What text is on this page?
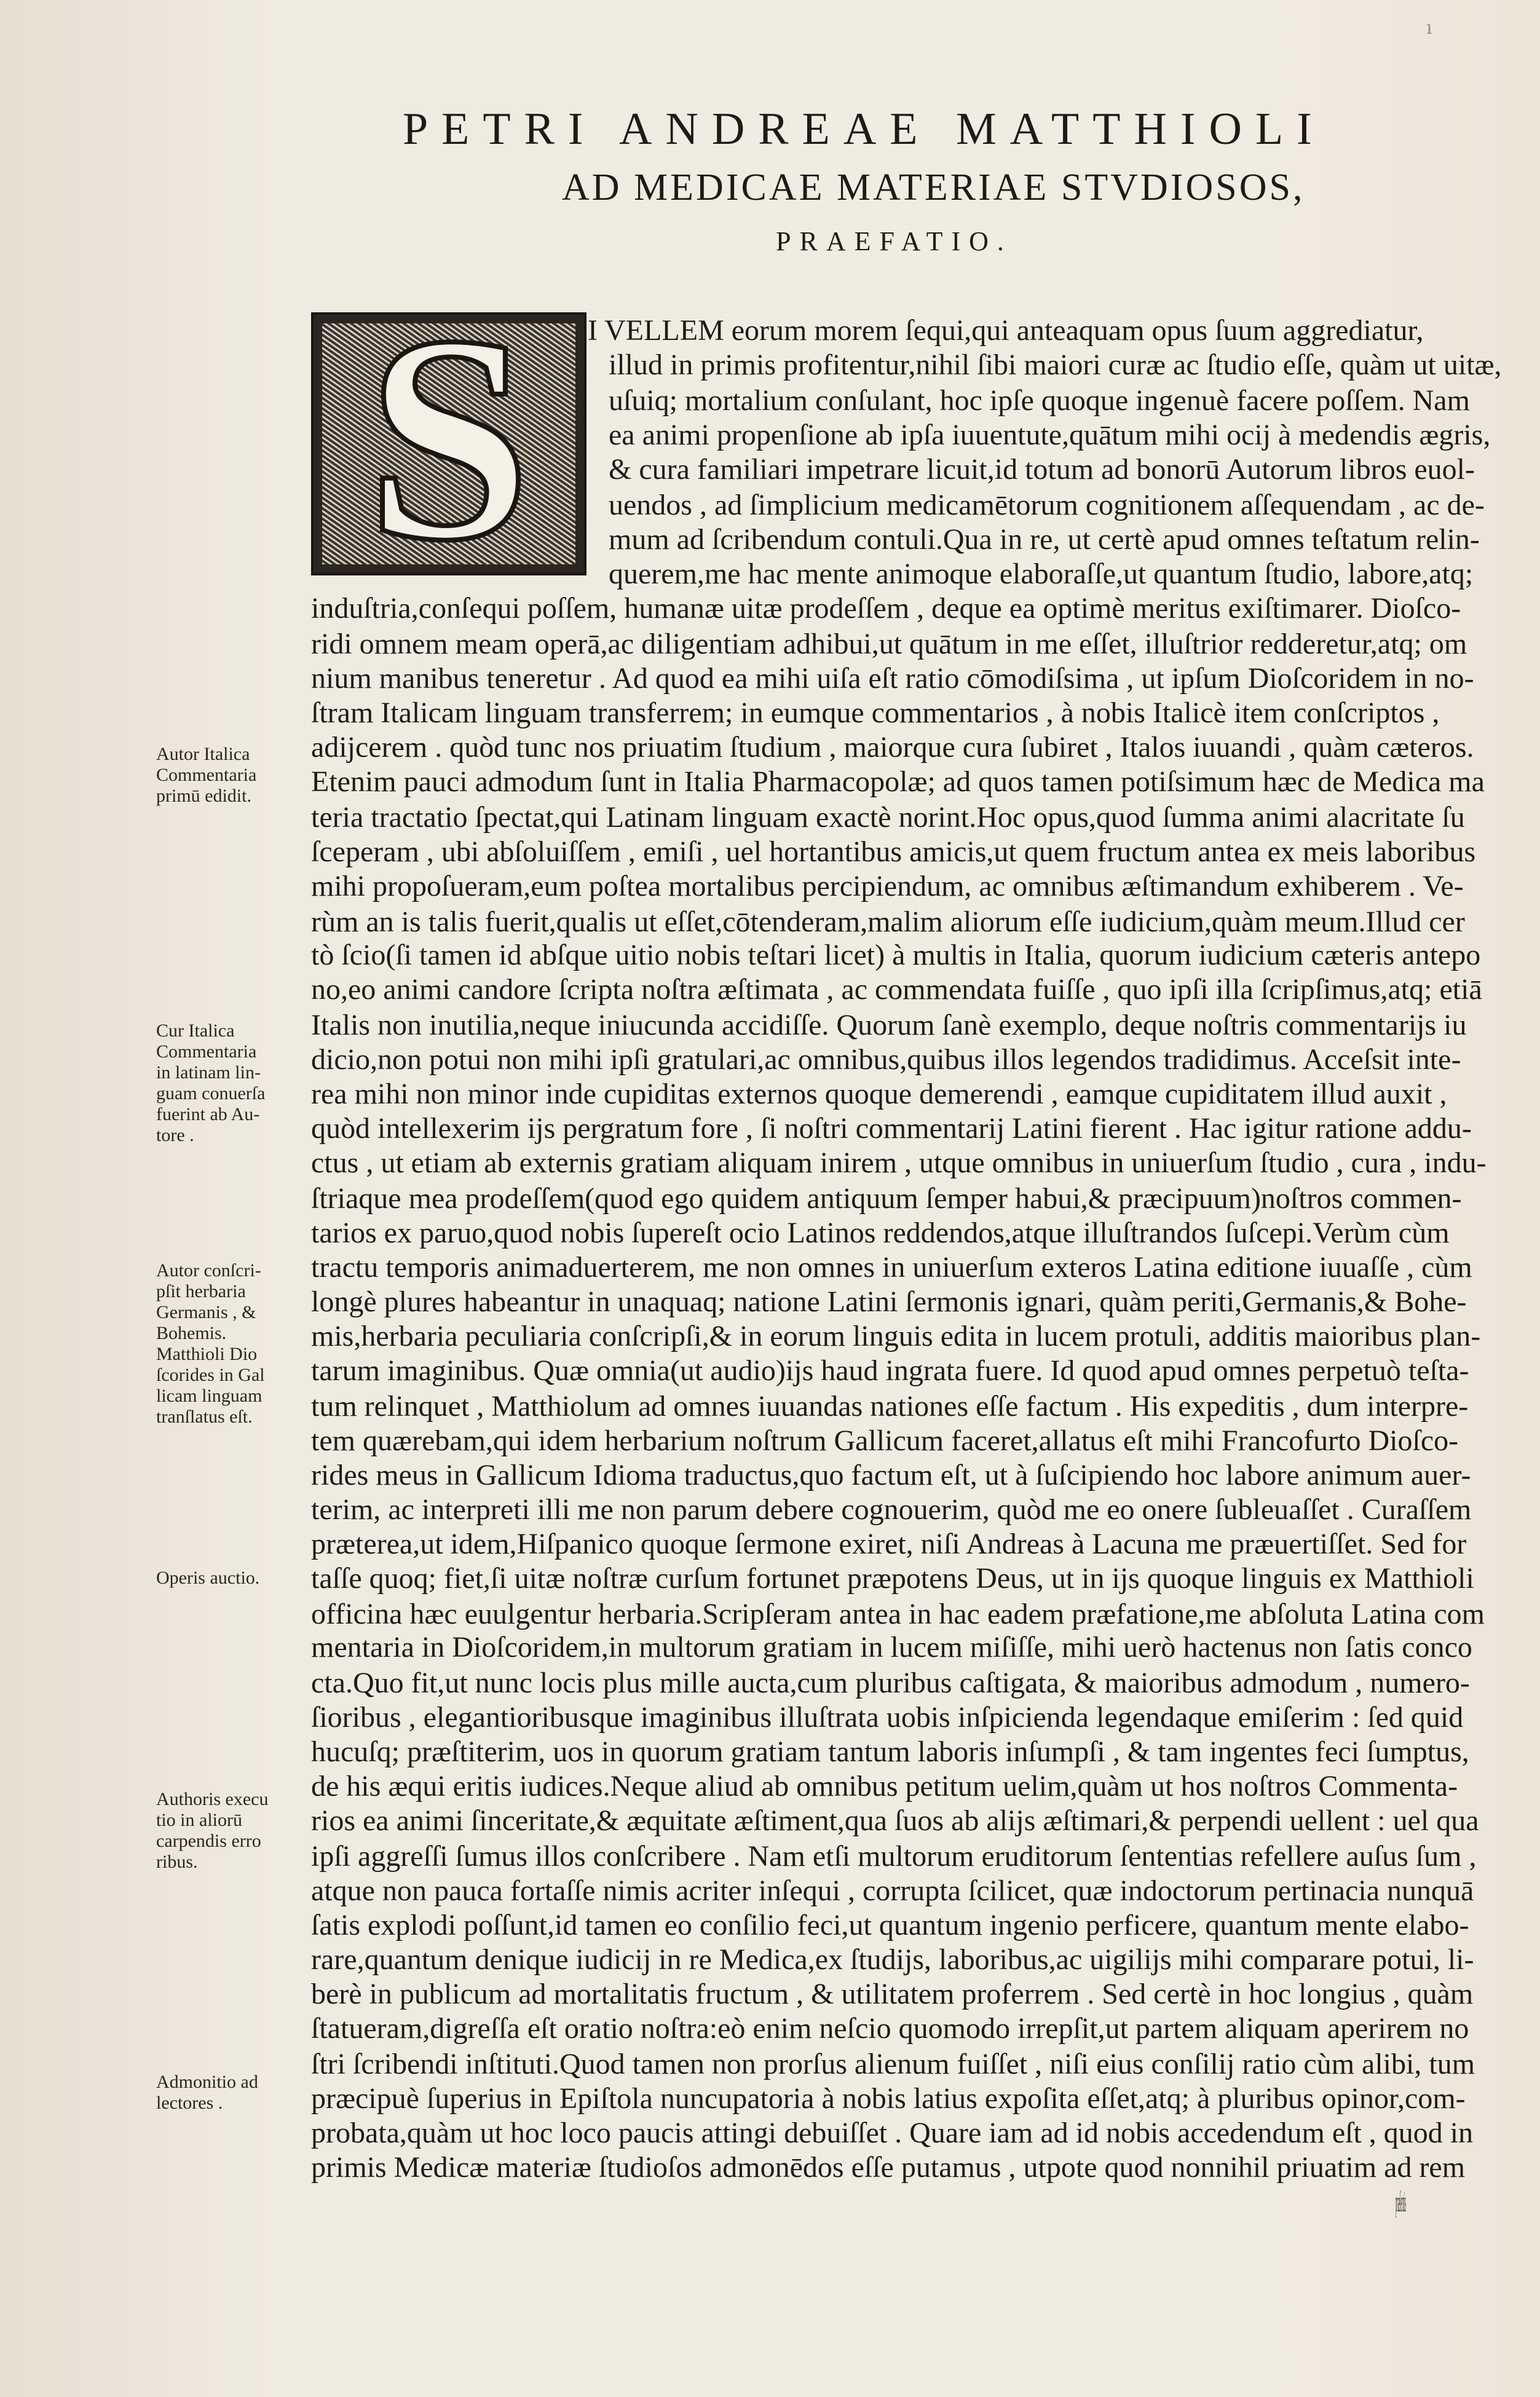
PETRI ANDREAE MATTHIOLI
AD MEDICAE MATERIAE STVDIOSOS,
PRAEFATIO.
S	I VELLEM eorum morem ſequi,qui anteaquam opus ſuum aggrediatur,
illud in primis profitentur,nihil ſibi maiori curæ ac ſtudio eſſe, quàm ut uitæ,
uſuiq; mortalium conſulant, hoc ipſe quoque ingenuè facere poſſem. Nam
ea animi propenſione ab ipſa iuuentute,quātum mihi ocij à medendis ægris,
& cura familiari impetrare licuit,id totum ad bonorū Autorum libros euol-
uendos , ad ſimplicium medicamētorum cognitionem aſſequendam , ac de-
mum ad ſcribendum contuli.Qua in re, ut certè apud omnes teſtatum relin-
querem,me hac mente animoque elaboraſſe,ut quantum ſtudio, labore,atq;
induſtria,conſequi poſſem, humanæ uitæ prodeſſem , deque ea optimè meritus exiſtimarer. Dioſco-
ridi omnem meam operā,ac diligentiam adhibui,ut quātum in me eſſet, illuſtrior redderetur,atq; om
nium manibus teneretur . Ad quod ea mihi uiſa eſt ratio cōmodiſsima , ut ipſum Dioſcoridem in no-
ſtram Italicam linguam transferrem; in eumque commentarios , à nobis Italicè item conſcriptos ,
adijcerem . quòd tunc nos priuatim ſtudium , maiorque cura ſubiret , Italos iuuandi , quàm cæteros.
Etenim pauci admodum ſunt in Italia Pharmacopolæ; ad quos tamen potiſsimum hæc de Medica ma
teria tractatio ſpectat,qui Latinam linguam exactè norint.Hoc opus,quod ſumma animi alacritate ſu
ſceperam , ubi abſoluiſſem , emiſi , uel hortantibus amicis,ut quem fructum antea ex meis laboribus
mihi propoſueram,eum poſtea mortalibus percipiendum, ac omnibus æſtimandum exhiberem . Ve-
rùm an is talis fuerit,qualis ut eſſet,cōtenderam,malim aliorum eſſe iudicium,quàm meum.Illud cer
tò ſcio(ſi tamen id abſque uitio nobis teſtari licet) à multis in Italia, quorum iudicium cæteris antepo
no,eo animi candore ſcripta noſtra æſtimata , ac commendata fuiſſe , quo ipſi illa ſcripſimus,atq; etiā
Italis non inutilia,neque iniucunda accidiſſe. Quorum ſanè exemplo, deque noſtris commentarijs iu
dicio,non potui non mihi ipſi gratulari,ac omnibus,quibus illos legendos tradidimus. Acceſsit inte-
rea mihi non minor inde cupiditas externos quoque demerendi , eamque cupiditatem illud auxit ,
quòd intellexerim ijs pergratum fore , ſi noſtri commentarij Latini fierent . Hac igitur ratione addu-
ctus , ut etiam ab externis gratiam aliquam inirem , utque omnibus in uniuerſum ſtudio , cura , indu-
ſtriaque mea prodeſſem(quod ego quidem antiquum ſemper habui,& præcipuum)noſtros commen-
tarios ex paruo,quod nobis ſupereſt ocio Latinos reddendos,atque illuſtrandos ſuſcepi.Verùm cùm
tractu temporis animaduerterem, me non omnes in uniuerſum exteros Latina editione iuuaſſe , cùm
longè plures habeantur in unaquaq; natione Latini ſermonis ignari, quàm periti,Germanis,& Bohe-
mis,herbaria peculiaria conſcripſi,& in eorum linguis edita in lucem protuli, additis maioribus plan-
tarum imaginibus. Quæ omnia(ut audio)ijs haud ingrata fuere. Id quod apud omnes perpetuò teſta-
tum relinquet , Matthiolum ad omnes iuuandas nationes eſſe factum . His expeditis , dum interpre-
tem quærebam,qui idem herbarium noſtrum Gallicum faceret,allatus eſt mihi Francofurto Dioſco-
rides meus in Gallicum Idioma traductus,quo factum eſt, ut à ſuſcipiendo hoc labore animum auer-
terim, ac interpreti illi me non parum debere cognouerim, quòd me eo onere ſubleuaſſet . Curaſſem
præterea,ut idem,Hiſpanico quoque ſermone exiret, niſi Andreas à Lacuna me præuertiſſet. Sed for
taſſe quoq; fiet,ſi uitæ noſtræ curſum fortunet præpotens Deus, ut in ijs quoque linguis ex Matthioli
officina hæc euulgentur herbaria.Scripſeram antea in hac eadem præfatione,me abſoluta Latina com
mentaria in Dioſcoridem,in multorum gratiam in lucem miſiſſe, mihi uerò hactenus non ſatis conco
cta.Quo fit,ut nunc locis plus mille aucta,cum pluribus caſtigata, & maioribus admodum , numero-
ſioribus , elegantioribusque imaginibus illuſtrata uobis inſpicienda legendaque emiſerim : ſed quid
hucuſq; præſtiterim, uos in quorum gratiam tantum laboris inſumpſi , & tam ingentes feci ſumptus,
de his æqui eritis iudices.Neque aliud ab omnibus petitum uelim,quàm ut hos noſtros Commenta-
rios ea animi ſinceritate,& æquitate æſtiment,qua ſuos ab alijs æſtimari,& perpendi uellent : uel qua
ipſi aggreſſi ſumus illos conſcribere . Nam etſi multorum eruditorum ſententias refellere auſus ſum ,
atque non pauca fortaſſe nimis acriter inſequi , corrupta ſcilicet, quæ indoctorum pertinacia nunquā
ſatis explodi poſſunt,id tamen eo conſilio feci,ut quantum ingenio perficere, quantum mente elabo-
rare,quantum denique iudicij in re Medica,ex ſtudijs, laboribus,ac uigilijs mihi comparare potui, li-
berè in publicum ad mortalitatis fructum , & utilitatem proferrem . Sed certè in hoc longius , quàm
ſtatueram,digreſſa eſt oratio noſtra:eò enim neſcio quomodo irrepſit,ut partem aliquam aperirem no
ſtri ſcribendi inſtituti.Quod tamen non prorſus alienum fuiſſet , niſi eius conſilij ratio cùm alibi, tum
præcipuè ſuperius in Epiſtola nuncupatoria à nobis latius expoſita eſſet,atq; à pluribus opinor,com-
probata,quàm ut hoc loco paucis attingi debuiſſet . Quare iam ad id nobis accedendum eſt , quod in
primis Medicæ materiæ ſtudioſos admonēdos eſſe putamus , utpote quod nonnihil priuatim ad rem
præſentis
Autor Italica
Commentaria
primū edidit.
Cur Italica
Commentaria
in latinam lin-
guam conuerſa
fuerint ab Au-
tore .
Autor conſcri-
pſit herbaria
Germanis , &
Bohemis.
Matthioli Dio
ſcorides in Gal
licam linguam
tranſlatus eſt.
Operis auctio.
Authoris execu
tio in aliorū
carpendis erro
ribus.
Admonitio ad
lectores .
ı
